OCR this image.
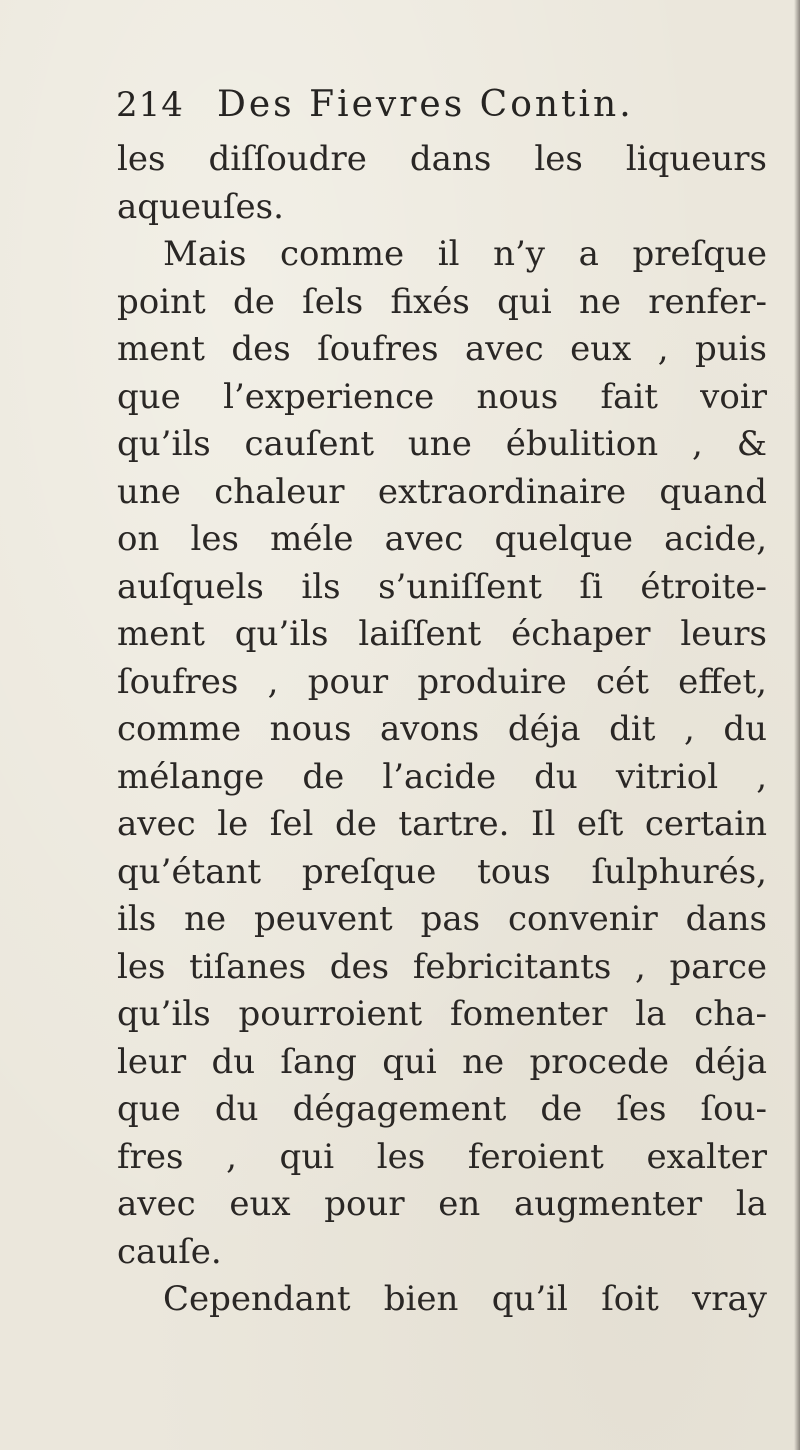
214 Des Fievres Contin.
les diſſoudre dans les liqueurs
aqueuſes.
Mais comme il n’y a preſque
point de ſels fixés qui ne renfer-
ment des ſoufres avec eux , puis
que l’experience nous fait voir
qu’ils cauſent une ébulition , &
une chaleur extraordinaire quand
on les méle avec quelque acide,
auſquels ils s’uniſſent ſi étroite-
ment qu’ils laiſſent échaper leurs
ſoufres , pour produire cét effet,
comme nous avons déja dit , du
mélange de l’acide du vitriol ,
avec le ſel de tartre. Il eſt certain
qu’étant preſque tous ſulphurés,
ils ne peuvent pas convenir dans
les tiſanes des febricitants , parce
qu’ils pourroient fomenter la cha-
leur du ſang qui ne procede déja
que du dégagement de ſes ſou-
fres , qui les feroient exalter
avec eux pour en augmenter la
cauſe.
Cependant bien qu’il ſoit vray
